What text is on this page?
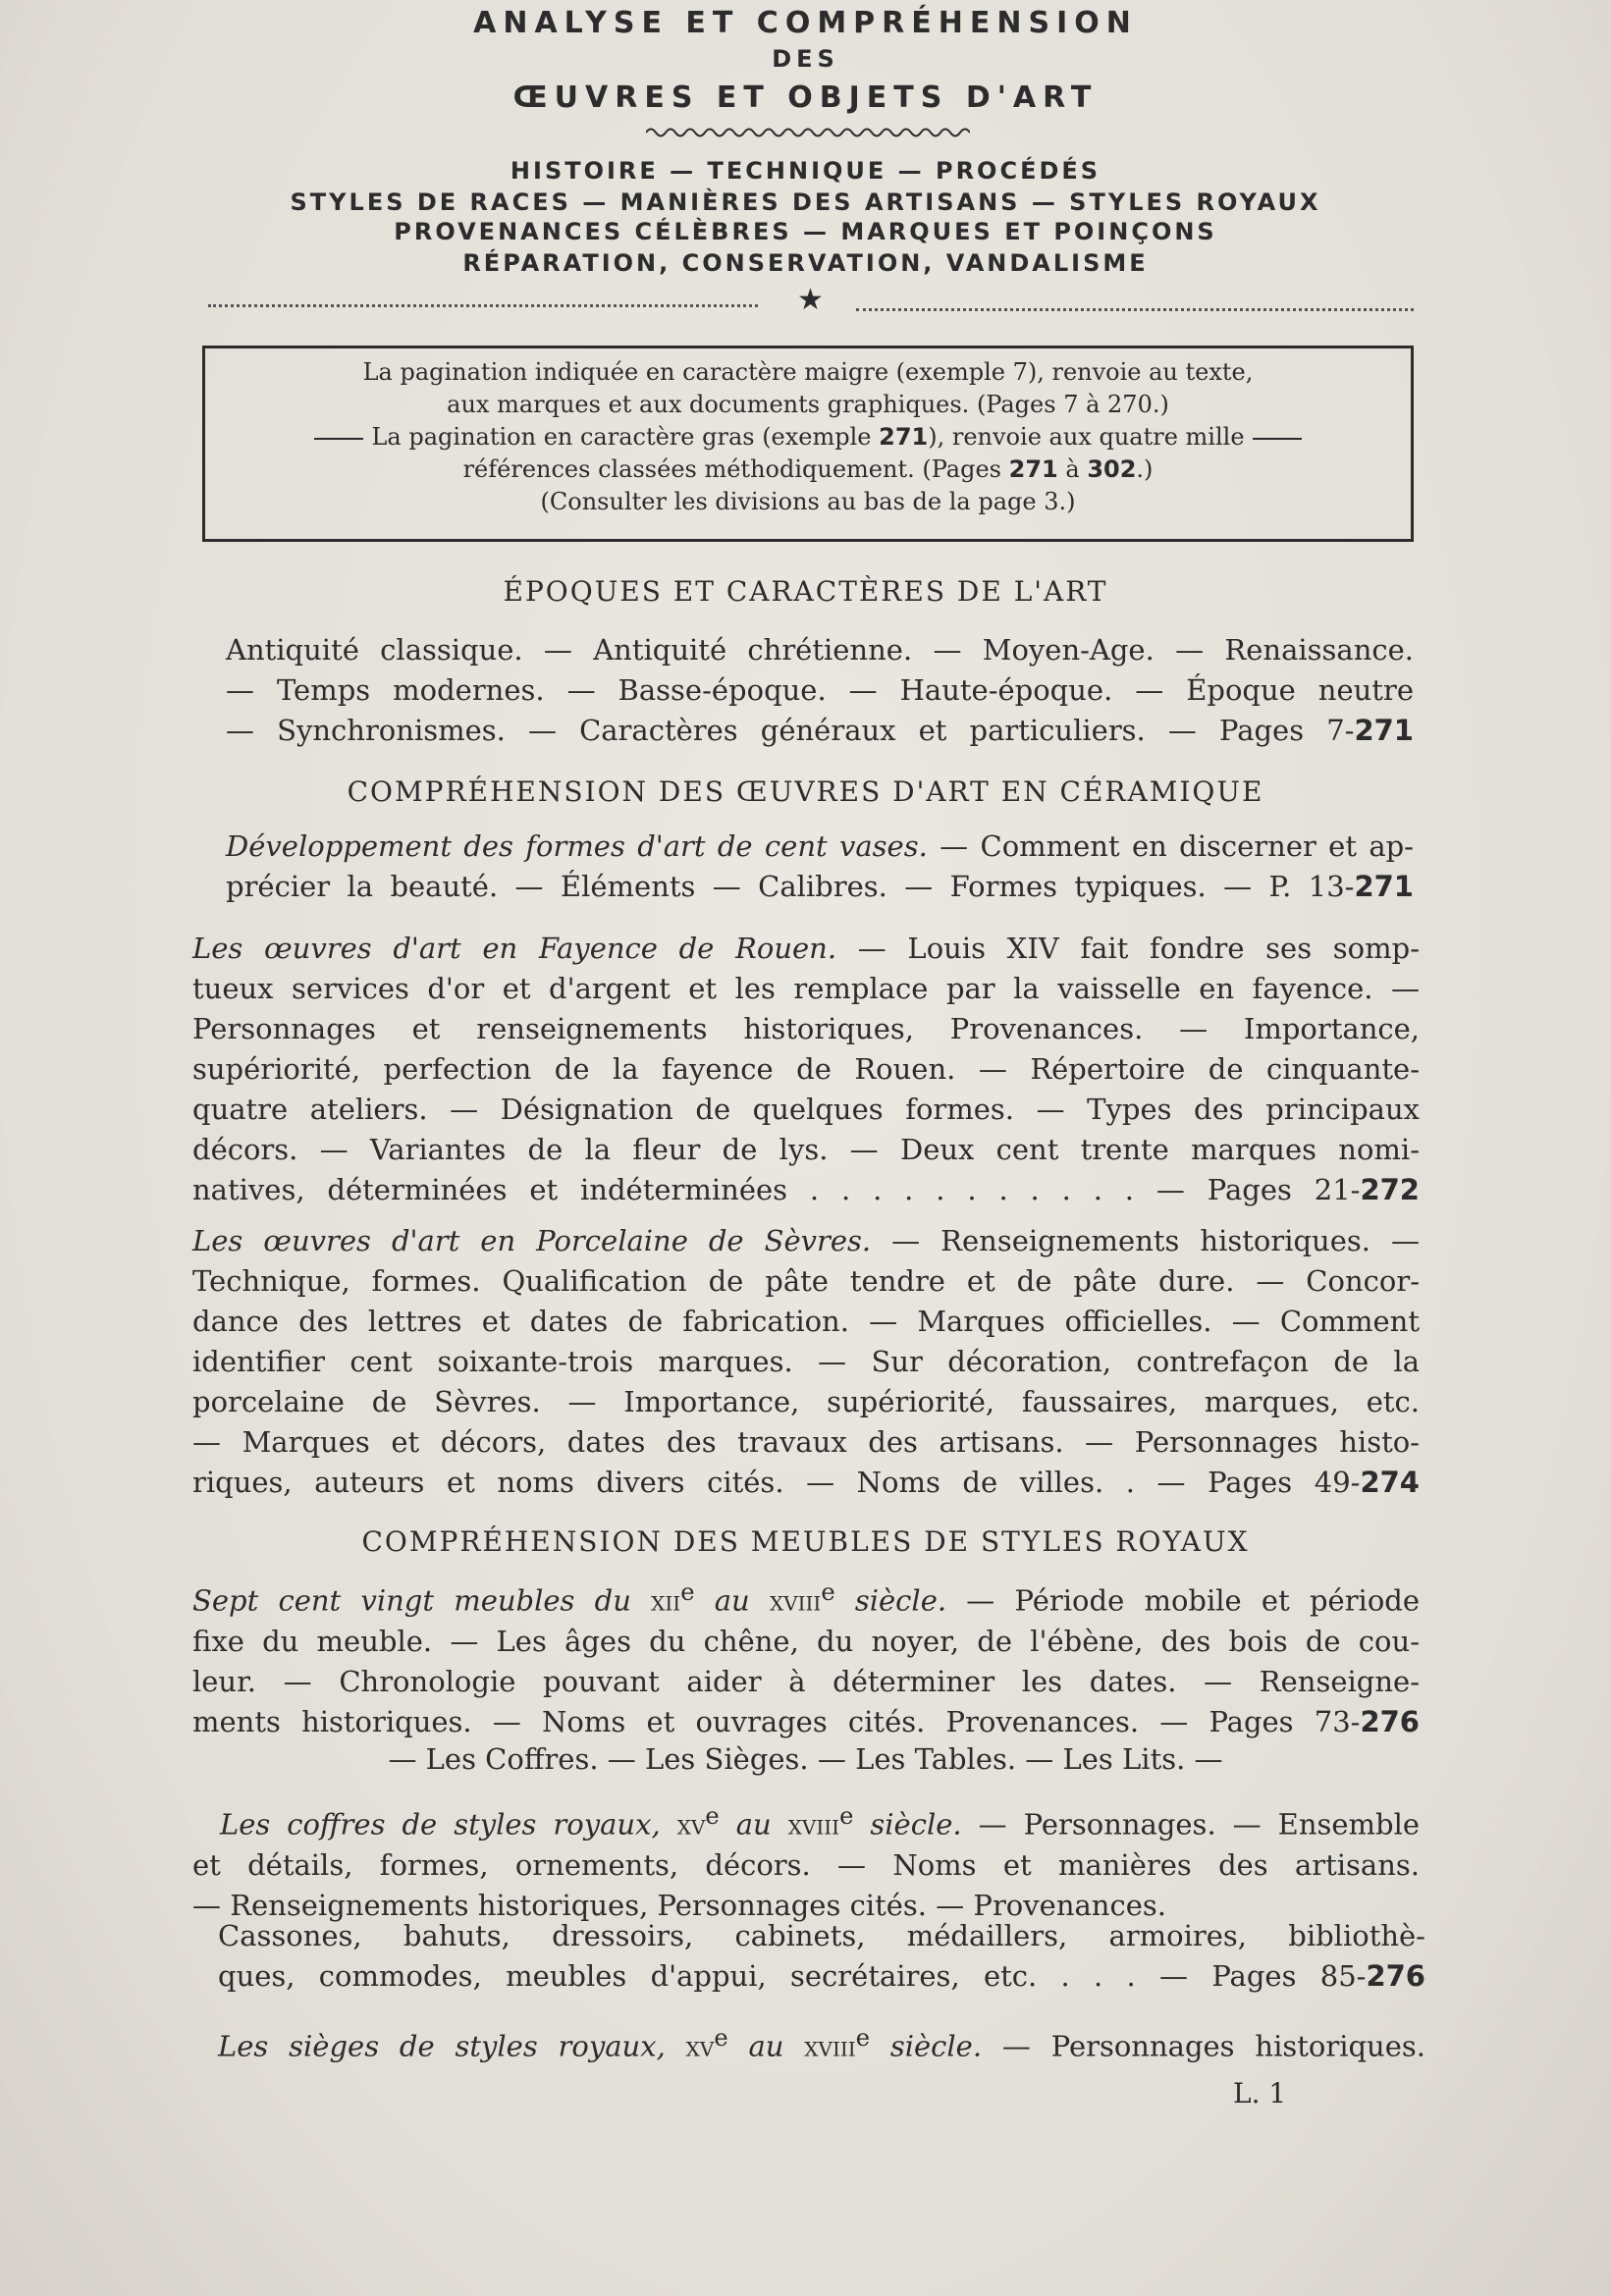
ANALYSE ET COMPRÉHENSION
DES
ŒUVRES ET OBJETS D'ART
HISTOIRE — TECHNIQUE — PROCÉDÉS
STYLES DE RACES — MANIÈRES DES ARTISANS — STYLES ROYAUX
PROVENANCES CÉLÈBRES — MARQUES ET POINÇONS
RÉPARATION, CONSERVATION, VANDALISME
★
La pagination indiquée en caractère maigre (exemple 7), renvoie au texte,
aux marques et aux documents graphiques. (Pages 7 à 270.)
La pagination en caractère gras (exemple 271), renvoie aux quatre mille
références classées méthodiquement. (Pages 271 à 302.)
(Consulter les divisions au bas de la page 3.)
ÉPOQUES ET CARACTÈRES DE L'ART
Antiquité classique. — Antiquité chrétienne. — Moyen-Age. — Renaissance.
— Temps modernes. — Basse-époque. — Haute-époque. — Époque neutre
— Synchronismes. — Caractères généraux et particuliers. — Pages 7-271
COMPRÉHENSION DES ŒUVRES D'ART EN CÉRAMIQUE
Développement des formes d'art de cent vases. — Comment en discerner et ap-
précier la beauté. — Éléments — Calibres. — Formes typiques. — P. 13-271
Les œuvres d'art en Fayence de Rouen. — Louis XIV fait fondre ses somp-
tueux services d'or et d'argent et les remplace par la vaisselle en fayence. —
Personnages et renseignements historiques, Provenances. — Importance,
supériorité, perfection de la fayence de Rouen. — Répertoire de cinquante-
quatre ateliers. — Désignation de quelques formes. — Types des principaux
décors. — Variantes de la fleur de lys. — Deux cent trente marques nomi-
natives, déterminées et indéterminées . . . . . . . . . . . — Pages 21-272
Les œuvres d'art en Porcelaine de Sèvres. — Renseignements historiques. —
Technique, formes. Qualification de pâte tendre et de pâte dure. — Concor-
dance des lettres et dates de fabrication. — Marques officielles. — Comment
identifier cent soixante-trois marques. — Sur décoration, contrefaçon de la
porcelaine de Sèvres. — Importance, supériorité, faussaires, marques, etc.
— Marques et décors, dates des travaux des artisans. — Personnages histo-
riques, auteurs et noms divers cités. — Noms de villes. . — Pages 49-274
COMPRÉHENSION DES MEUBLES DE STYLES ROYAUX
Sept cent vingt meubles du xii$^e$ au xviii$^e$ siècle. — Période mobile et période
fixe du meuble. — Les âges du chêne, du noyer, de l'ébène, des bois de cou-
leur. — Chronologie pouvant aider à déterminer les dates. — Renseigne-
ments historiques. — Noms et ouvrages cités. Provenances. — Pages 73-276
— Les Coffres. — Les Sièges. — Les Tables. — Les Lits. —
Les coffres de styles royaux, $xv^e$ au xviii$^e$ siècle. — Personnages. — Ensemble
et détails, formes, ornements, décors. — Noms et manières des artisans.
— Renseignements historiques, Personnages cités. — Provenances.
Cassones, bahuts, dressoirs, cabinets, médaillers, armoires, bibliothè-
ques, commodes, meubles d'appui, secrétaires, etc. . . . — Pages 85-276
Les sièges de styles royaux, $xv^e$ au xviii$^e$ siècle. — Personnages historiques.
L. 1
